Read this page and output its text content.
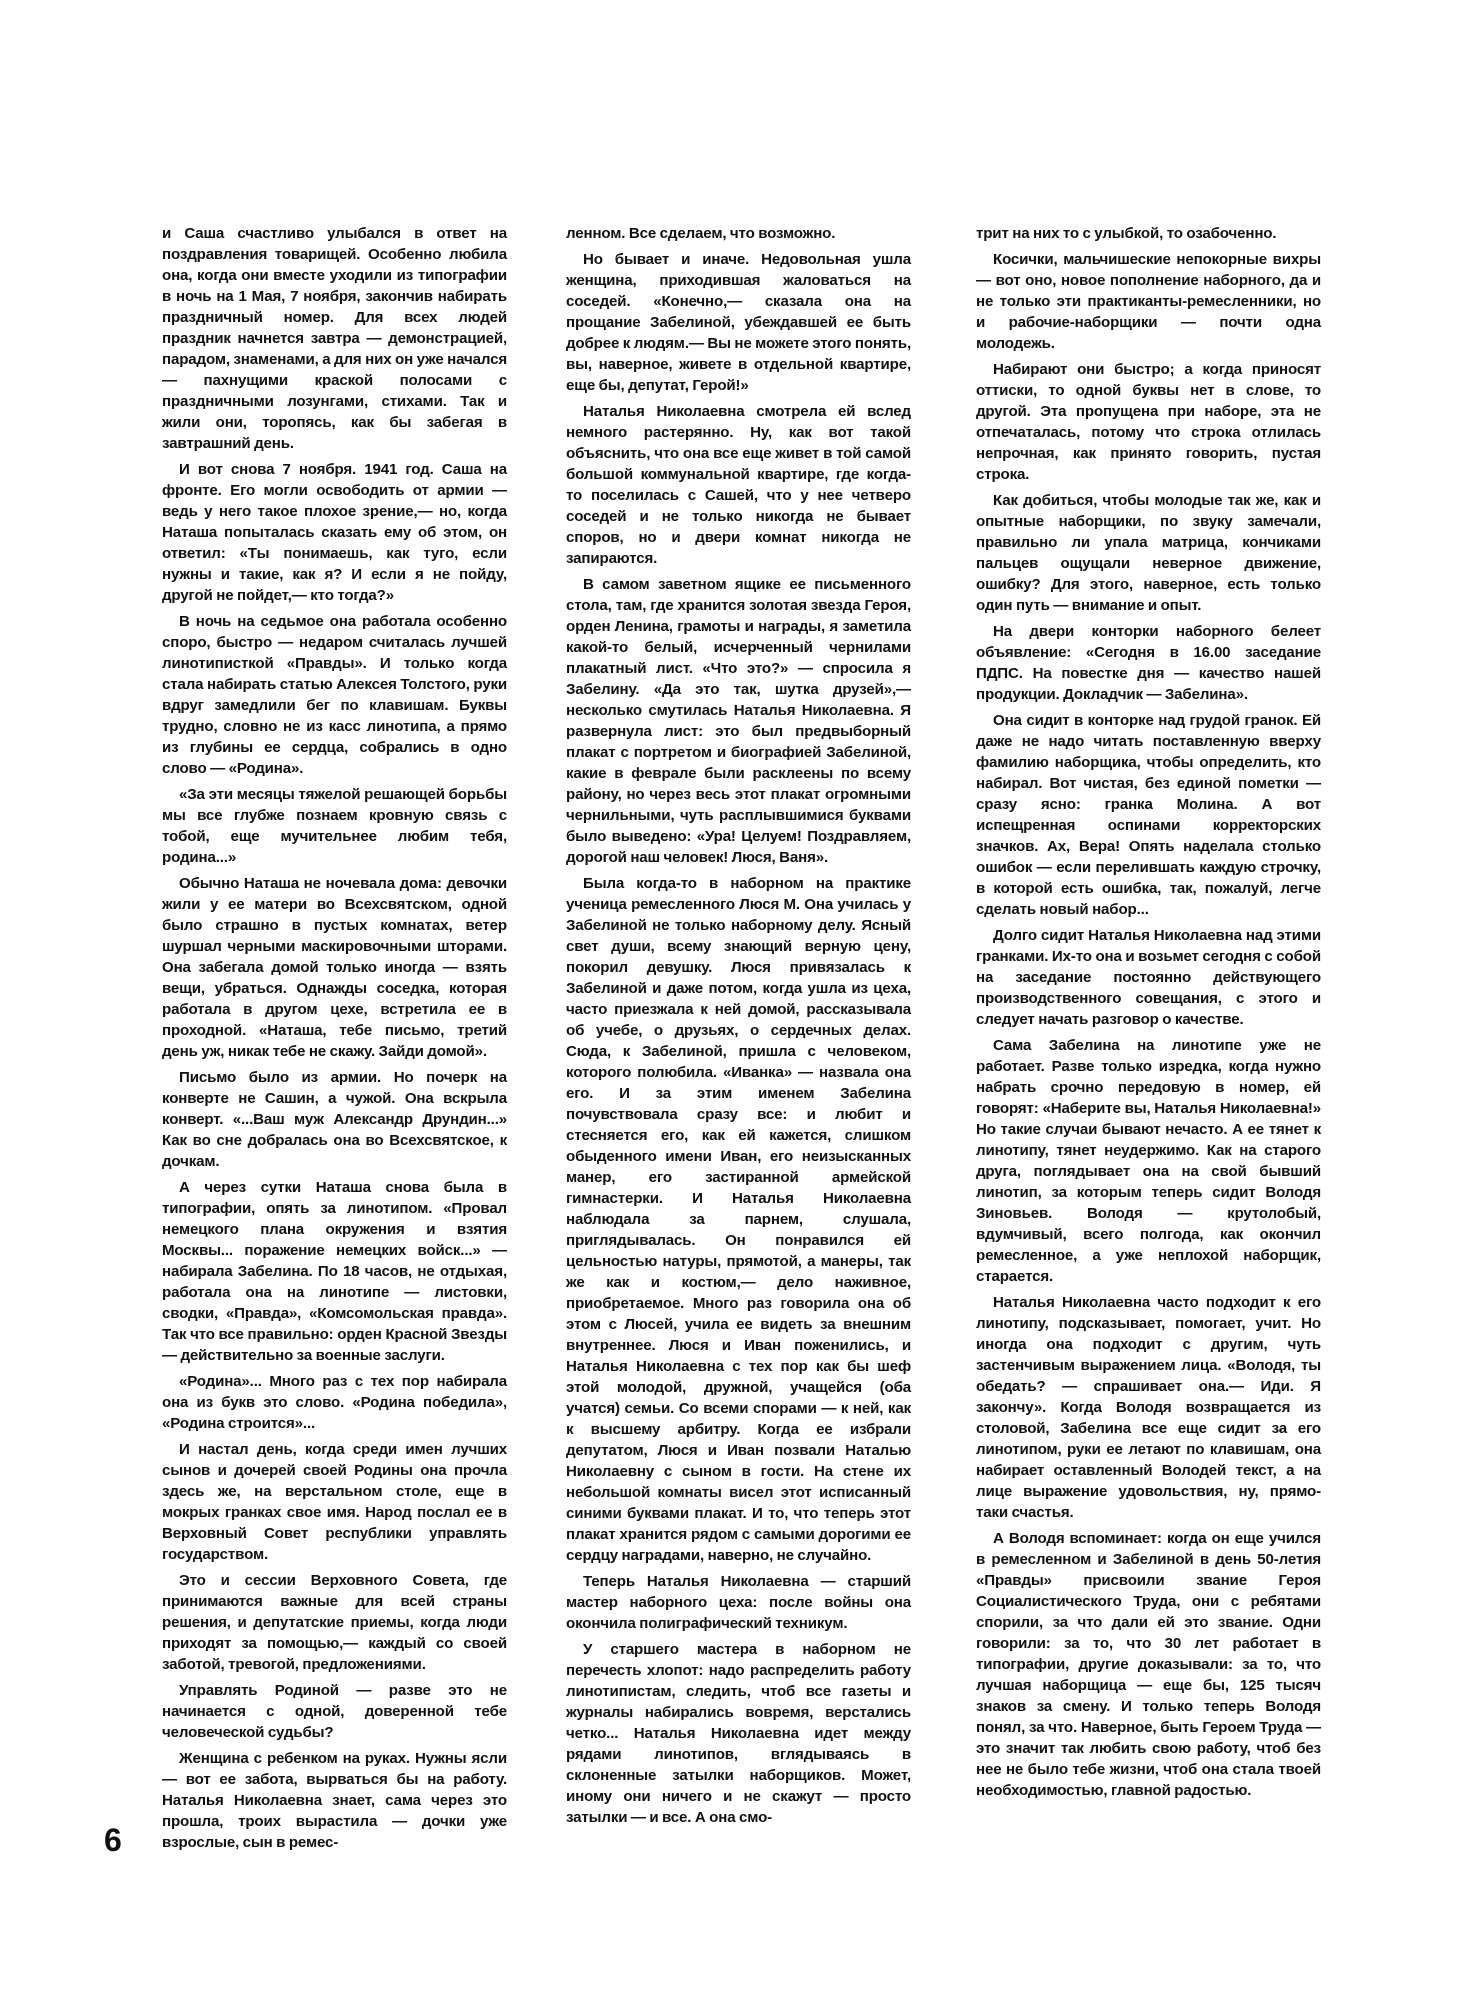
и Саша счастливо улыбался в ответ на поздравления товарищей. Особенно любила она, когда они вместе уходили из типографии в ночь на 1 Мая, 7 ноября, закончив набирать праздничный номер. Для всех людей праздник начнется завтра — демонстрацией, парадом, знаменами, а для них он уже начался — пахнущими краской полосами с праздничными лозунгами, стихами. Так и жили они, торопясь, как бы забегая в завтрашний день.

И вот снова 7 ноября. 1941 год. Саша на фронте. Его могли освободить от армии — ведь у него такое плохое зрение,— но, когда Наташа попыталась сказать ему об этом, он ответил: «Ты понимаешь, как туго, если нужны и такие, как я? И если я не пойду, другой не пойдет,— кто тогда?»

В ночь на седьмое она работала особенно споро, быстро — недаром считалась лучшей линотиписткой «Правды». И только когда стала набирать статью Алексея Толстого, руки вдруг замедлили бег по клавишам. Буквы трудно, словно не из касс линотипа, а прямо из глубины ее сердца, собрались в одно слово — «Родина».

«За эти месяцы тяжелой решающей борьбы мы все глубже познаем кровную связь с тобой, еще мучительнее любим тебя, родина...»

Обычно Наташа не ночевала дома: девочки жили у ее матери во Всехсвятском, одной было страшно в пустых комнатах, ветер шуршал черными маскировочными шторами. Она забегала домой только иногда — взять вещи, убраться. Однажды соседка, которая работала в другом цехе, встретила ее в проходной. «Наташа, тебе письмо, третий день уж, никак тебе не скажу. Зайди домой».

Письмо было из армии. Но почерк на конверте не Сашин, а чужой. Она вскрыла конверт. «...Ваш муж Александр Друндин...» Как во сне добралась она во Всехсвятское, к дочкам.

А через сутки Наташа снова была в типографии, опять за линотипом. «Провал немецкого плана окружения и взятия Москвы... поражение немецких войск...» — набирала Забелина. По 18 часов, не отдыхая, работала она на линотипе — листовки, сводки, «Правда», «Комсомольская правда». Так что все правильно: орден Красной Звезды — действительно за военные заслуги.

«Родина»... Много раз с тех пор набирала она из букв это слово. «Родина победила», «Родина строится»...

И настал день, когда среди имен лучших сынов и дочерей своей Родины она прочла здесь же, на верстальном столе, еще в мокрых гранках свое имя. Народ послал ее в Верховный Совет республики управлять государством.

Это и сессии Верховного Совета, где принимаются важные для всей страны решения, и депутатские приемы, когда люди приходят за помощью,— каждый со своей заботой, тревогой, предложениями.

Управлять Родиной — разве это не начинается с одной, доверенной тебе человеческой судьбы?

Женщина с ребенком на руках. Нужны ясли — вот ее забота, вырваться бы на работу. Наталья Николаевна знает, сама через это прошла, троих вырастила — дочки уже взрослые, сын в ремес-

ленном. Все сделаем, что возможно.

Но бывает и иначе. Недовольная ушла женщина, приходившая жаловаться на соседей. «Конечно,— сказала она на прощание Забелиной, убеждавшей ее быть добрее к людям.— Вы не можете этого понять, вы, наверное, живете в отдельной квартире, еще бы, депутат, Герой!»

Наталья Николаевна смотрела ей вслед немного растерянно. Ну, как вот такой объяснить, что она все еще живет в той самой большой коммунальной квартире, где когда-то поселилась с Сашей, что у нее четверо соседей и не только никогда не бывает споров, но и двери комнат никогда не запираются.

В самом заветном ящике ее письменного стола, там, где хранится золотая звезда Героя, орден Ленина, грамоты и награды, я заметила какой-то белый, исчерченный чернилами плакатный лист. «Что это?» — спросила я Забелину. «Да это так, шутка друзей»,— несколько смутилась Наталья Николаевна. Я развернула лист: это был предвыборный плакат с портретом и биографией Забелиной, какие в феврале были расклеены по всему району, но через весь этот плакат огромными чернильными, чуть расплывшимися буквами было выведено: «Ура! Целуем! Поздравляем, дорогой наш человек! Люся, Ваня».

Была когда-то в наборном на практике ученица ремесленного Люся М. Она училась у Забелиной не только наборному делу. Ясный свет души, всему знающий верную цену, покорил девушку. Люся привязалась к Забелиной и даже потом, когда ушла из цеха, часто приезжала к ней домой, рассказывала об учебе, о друзьях, о сердечных делах. Сюда, к Забелиной, пришла с человеком, которого полюбила. «Иванка» — назвала она его. И за этим именем Забелина почувствовала сразу все: и любит и стесняется его, как ей кажется, слишком обыденного имени Иван, его неизысканных манер, его застиранной армейской гимнастерки. И Наталья Николаевна наблюдала за парнем, слушала, приглядывалась. Он понравился ей цельностью натуры, прямотой, а манеры, так же как и костюм,— дело наживное, приобретаемое. Много раз говорила она об этом с Люсей, учила ее видеть за внешним внутреннее. Люся и Иван поженились, и Наталья Николаевна с тех пор как бы шеф этой молодой, дружной, учащейся (оба учатся) семьи. Со всеми спорами — к ней, как к высшему арбитру. Когда ее избрали депутатом, Люся и Иван позвали Наталью Николаевну с сыном в гости. На стене их небольшой комнаты висел этот исписанный синими буквами плакат. И то, что теперь этот плакат хранится рядом с самыми дорогими ее сердцу наградами, наверно, не случайно.

Теперь Наталья Николаевна — старший мастер наборного цеха: после войны она окончила полиграфический техникум.

У старшего мастера в наборном не перечесть хлопот: надо распределить работу линотипистам, следить, чтоб все газеты и журналы набирались вовремя, верстались четко... Наталья Николаевна идет между рядами линотипов, вглядываясь в склоненные затылки наборщиков. Может, иному они ничего и не скажут — просто затылки — и все. А она смо-

трит на них то с улыбкой, то озабоченно.

Косички, мальчишеские непокорные вихры — вот оно, новое пополнение наборного, да и не только эти практиканты-ремесленники, но и рабочие-наборщики — почти одна молодежь.

Набирают они быстро; а когда приносят оттиски, то одной буквы нет в слове, то другой. Эта пропущена при наборе, эта не отпечаталась, потому что строка отлилась непрочная, как принято говорить, пустая строка.

Как добиться, чтобы молодые так же, как и опытные наборщики, по звуку замечали, правильно ли упала матрица, кончиками пальцев ощущали неверное движение, ошибку? Для этого, наверное, есть только один путь — внимание и опыт.

На двери конторки наборного белеет объявление: «Сегодня в 16.00 заседание ПДПС. На повестке дня — качество нашей продукции. Докладчик — Забелина».

Она сидит в конторке над грудой гранок. Ей даже не надо читать поставленную вверху фамилию наборщика, чтобы определить, кто набирал. Вот чистая, без единой пометки — сразу ясно: гранка Молина. А вот испещренная оспинами корректорских значков. Ах, Вера! Опять наделала столько ошибок — если перелившать каждую строчку, в которой есть ошибка, так, пожалуй, легче сделать новый набор...

Долго сидит Наталья Николаевна над этими гранками. Их-то она и возьмет сегодня с собой на заседание постоянно действующего производственного совещания, с этого и следует начать разговор о качестве.

Сама Забелина на линотипе уже не работает. Разве только изредка, когда нужно набрать срочно передовую в номер, ей говорят: «Наберите вы, Наталья Николаевна!» Но такие случаи бывают нечасто. А ее тянет к линотипу, тянет неудержимо. Как на старого друга, поглядывает она на свой бывший линотип, за которым теперь сидит Володя Зиновьев. Володя — крутолобый, вдумчивый, всего полгода, как окончил ремесленное, а уже неплохой наборщик, старается.

Наталья Николаевна часто подходит к его линотипу, подсказывает, помогает, учит. Но иногда она подходит с другим, чуть застенчивым выражением лица. «Володя, ты обедать? — спрашивает она.— Иди. Я закончу». Когда Володя возвращается из столовой, Забелина все еще сидит за его линотипом, руки ее летают по клавишам, она набирает оставленный Володей текст, а на лице выражение удовольствия, ну, прямо-таки счастья.

А Володя вспоминает: когда он еще учился в ремесленном и Забелиной в день 50-летия «Правды» присвоили звание Героя Социалистического Труда, они с ребятами спорили, за что дали ей это звание. Одни говорили: за то, что 30 лет работает в типографии, другие доказывали: за то, что лучшая наборщица — еще бы, 125 тысяч знаков за смену. И только теперь Володя понял, за что. Наверное, быть Героем Труда — это значит так любить свою работу, чтоб без нее не было тебе жизни, чтоб она стала твоей необходимостью, главной радостью.

6
